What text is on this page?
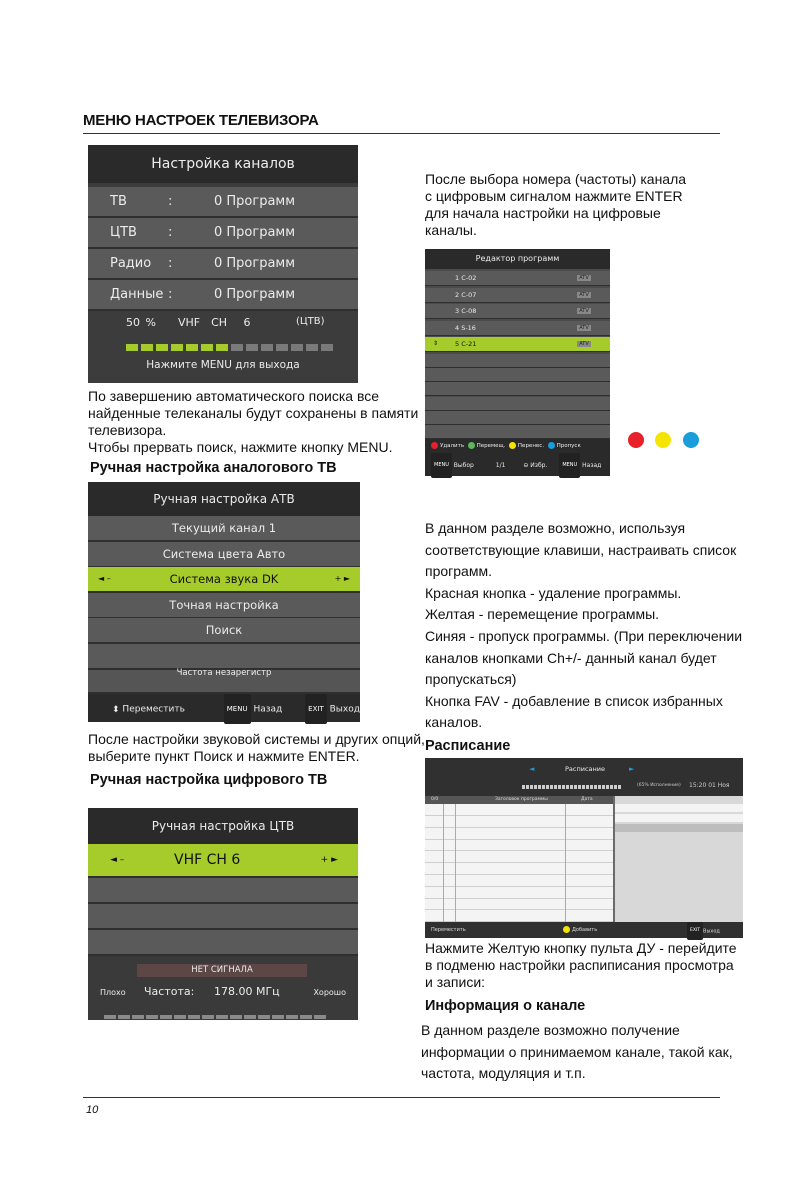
МЕНЮ НАСТРОЕК ТЕЛЕВИЗОРА
Настройка каналов
ТВ	:	0 Программ
ЦТВ :	0 Программ
Радио :	0 Программ
Данные :	0 Программ
50 % VHF CH 6	(ЦТВ)
Нажмите MENU для выхода
По завершению автоматического поиска все
найденные телеканалы будут сохранены в памяти
телевизора.
Чтобы прервать поиск, нажмите кнопку MENU.
Ручная настройка аналогового ТВ
Ручная настройка АТВ
Текущий канал 1
Система цвета Авто
Система звука DK
◄ –	+ ►
Точная настройка
Поиск
Частота незарегистр
⬍ Переместить	MENU Назад	EXIT Выход
После настройки звуковой системы и других опций,
выберите пункт Поиск и нажмите ENTER.
Ручная настройка цифрового ТВ
Ручная настройка ЦТВ
◄ –	VHF CH 6	+ ►
НЕТ СИГНАЛА
Плохо Частота: 178.00 МГц	Хорошо
После выбора номера (частоты) канала
с цифровым сигналом нажмите ENTER
для начала настройки на цифровые
каналы.
Редактор программ
1 C-02	ATV
2 C-07	ATV
3 C-08	ATV
4 S-16	ATV
⇕	5 C-21	ATV
Удалить Перемещ. Перенес. Пропуск
MENU Выбор	1/1	⊖ Избр.	MENU Назад
В данном разделе возможно, используя
соответствующие клавиши, настраивать список
программ.
Красная кнопка - удаление программы.
Желтая - перемещение программы.
Синяя - пропуск программы. (При переключении
каналов кнопками Ch+/- данный канал будет
пропускаться)
Кнопка FAV - добавление в список избранных
каналов.
Расписание
◄	Расписание	►
(65% Исполнение) 15:20 01 Ноя
0/0	Заголовок программы	Дата
Переместить	Добавить	EXIT Выход
Нажмите Желтую кнопку пульта ДУ - перейдите
в подменю настройки распиписания просмотра
и записи:
Информация о канале
В данном разделе возможно получение
информации о принимаемом канале, такой как,
частота, модуляция и т.п.
10
